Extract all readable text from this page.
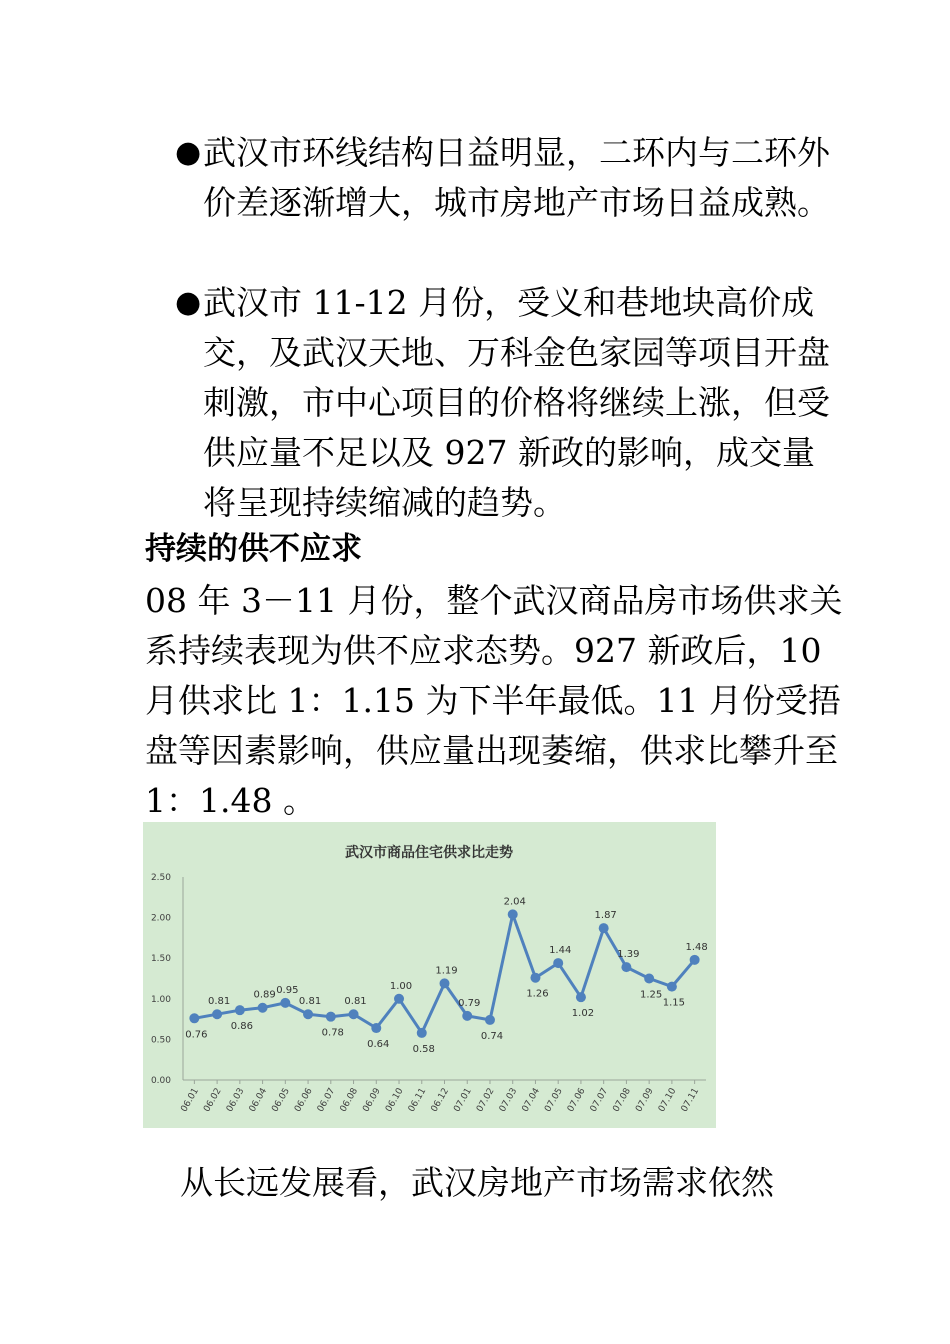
● 武汉市环线结构日益明显，二环内与二环外价差逐渐增大，城市房地产市场日益成熟。
● 武汉市 11-12 月份，受义和巷地块高价成交，及武汉天地、万科金色家园等项目开盘刺激，市中心项目的价格将继续上涨，但受供应量不足以及 927 新政的影响，成交量将呈现持续缩减的趋势。
持续的供不应求
08 年 3－11 月份，整个武汉商品房市场供求关系持续表现为供不应求态势。927 新政后，10 月供求比 1：1.15 为下半年最低。11 月份受捂盘等因素影响，供应量出现萎缩，供求比攀升至 1：1.48 。
武汉市商品住宅供求比走势
0.00
0.50
1.00
1.50
2.00
2.50
06.01 06.02 06.03 06.04 06.05 06.06 06.07 06.08 06.09 06.10 06.11 06.12 07.01 07.02 07.03 07.04 07.05 07.06 07.07 07.08 07.09 07.10 07.11
0.76
0.81
0.86
0.89 0.95
0.81
0.78
0.81
0.64
1.00
0.58
1.19
0.79
0.74
2.04
1.26
1.44
1.02
1.87
1.39
1.25
1.15
1.48
从长远发展看，武汉房地产市场需求依然
